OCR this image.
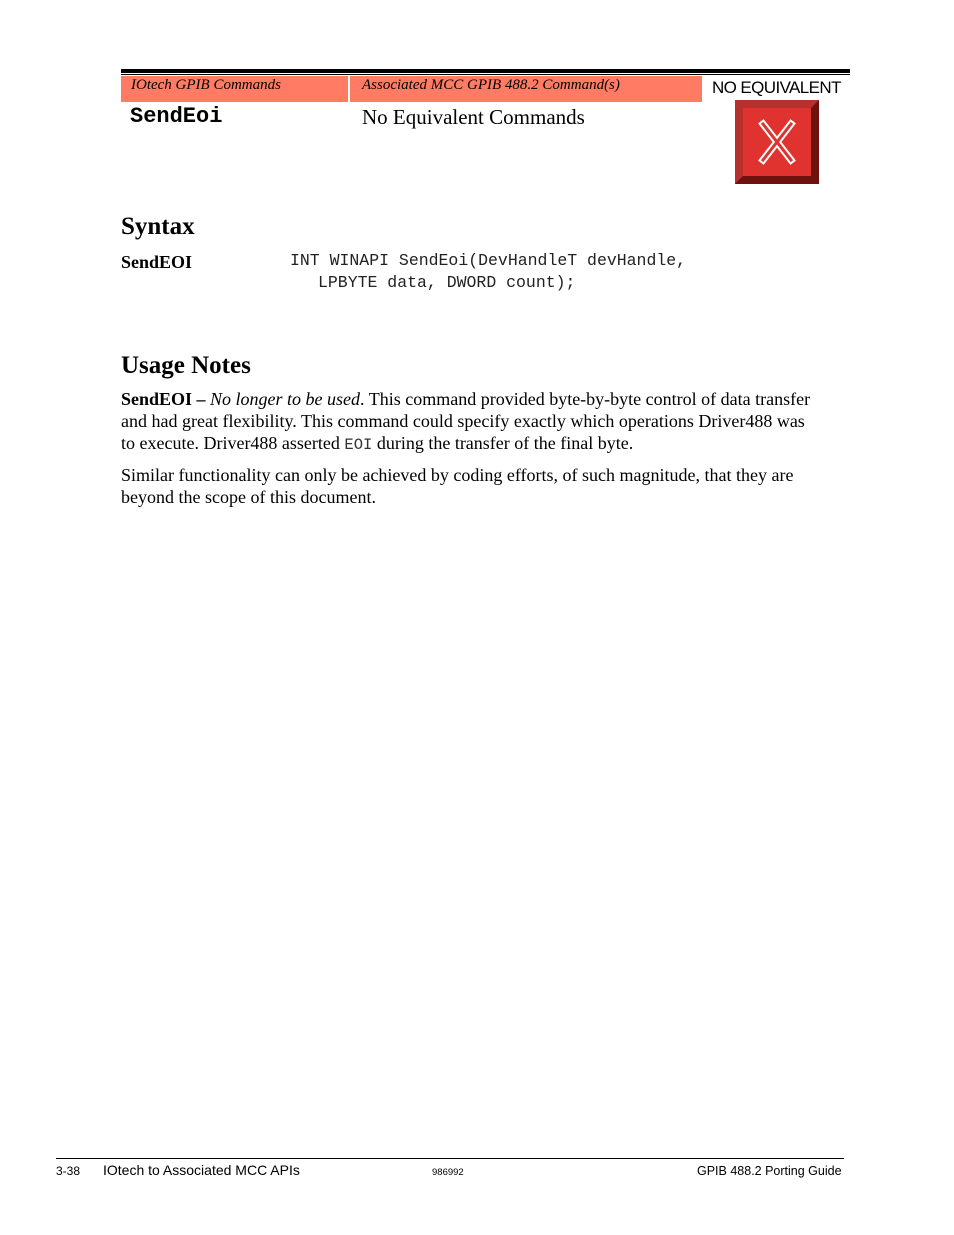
IOtech GPIB Commands	Associated MCC GPIB 488.2 Command(s)
SendEoi	No Equivalent Commands
NO EQUIVALENT
Syntax
SendEOI	INT WINAPI SendEoi(DevHandleT devHandle,
LPBYTE data, DWORD count);
Usage Notes
SendEOI – No longer to be used. This command provided byte-by-byte control of data transfer and had great flexibility. This command could specify exactly which operations Driver488 was to execute. Driver488 asserted EOI during the transfer of the final byte.
Similar functionality can only be achieved by coding efforts, of such magnitude, that they are beyond the scope of this document.
3-38 IOtech to Associated MCC APIs	986992	GPIB 488.2 Porting Guide
